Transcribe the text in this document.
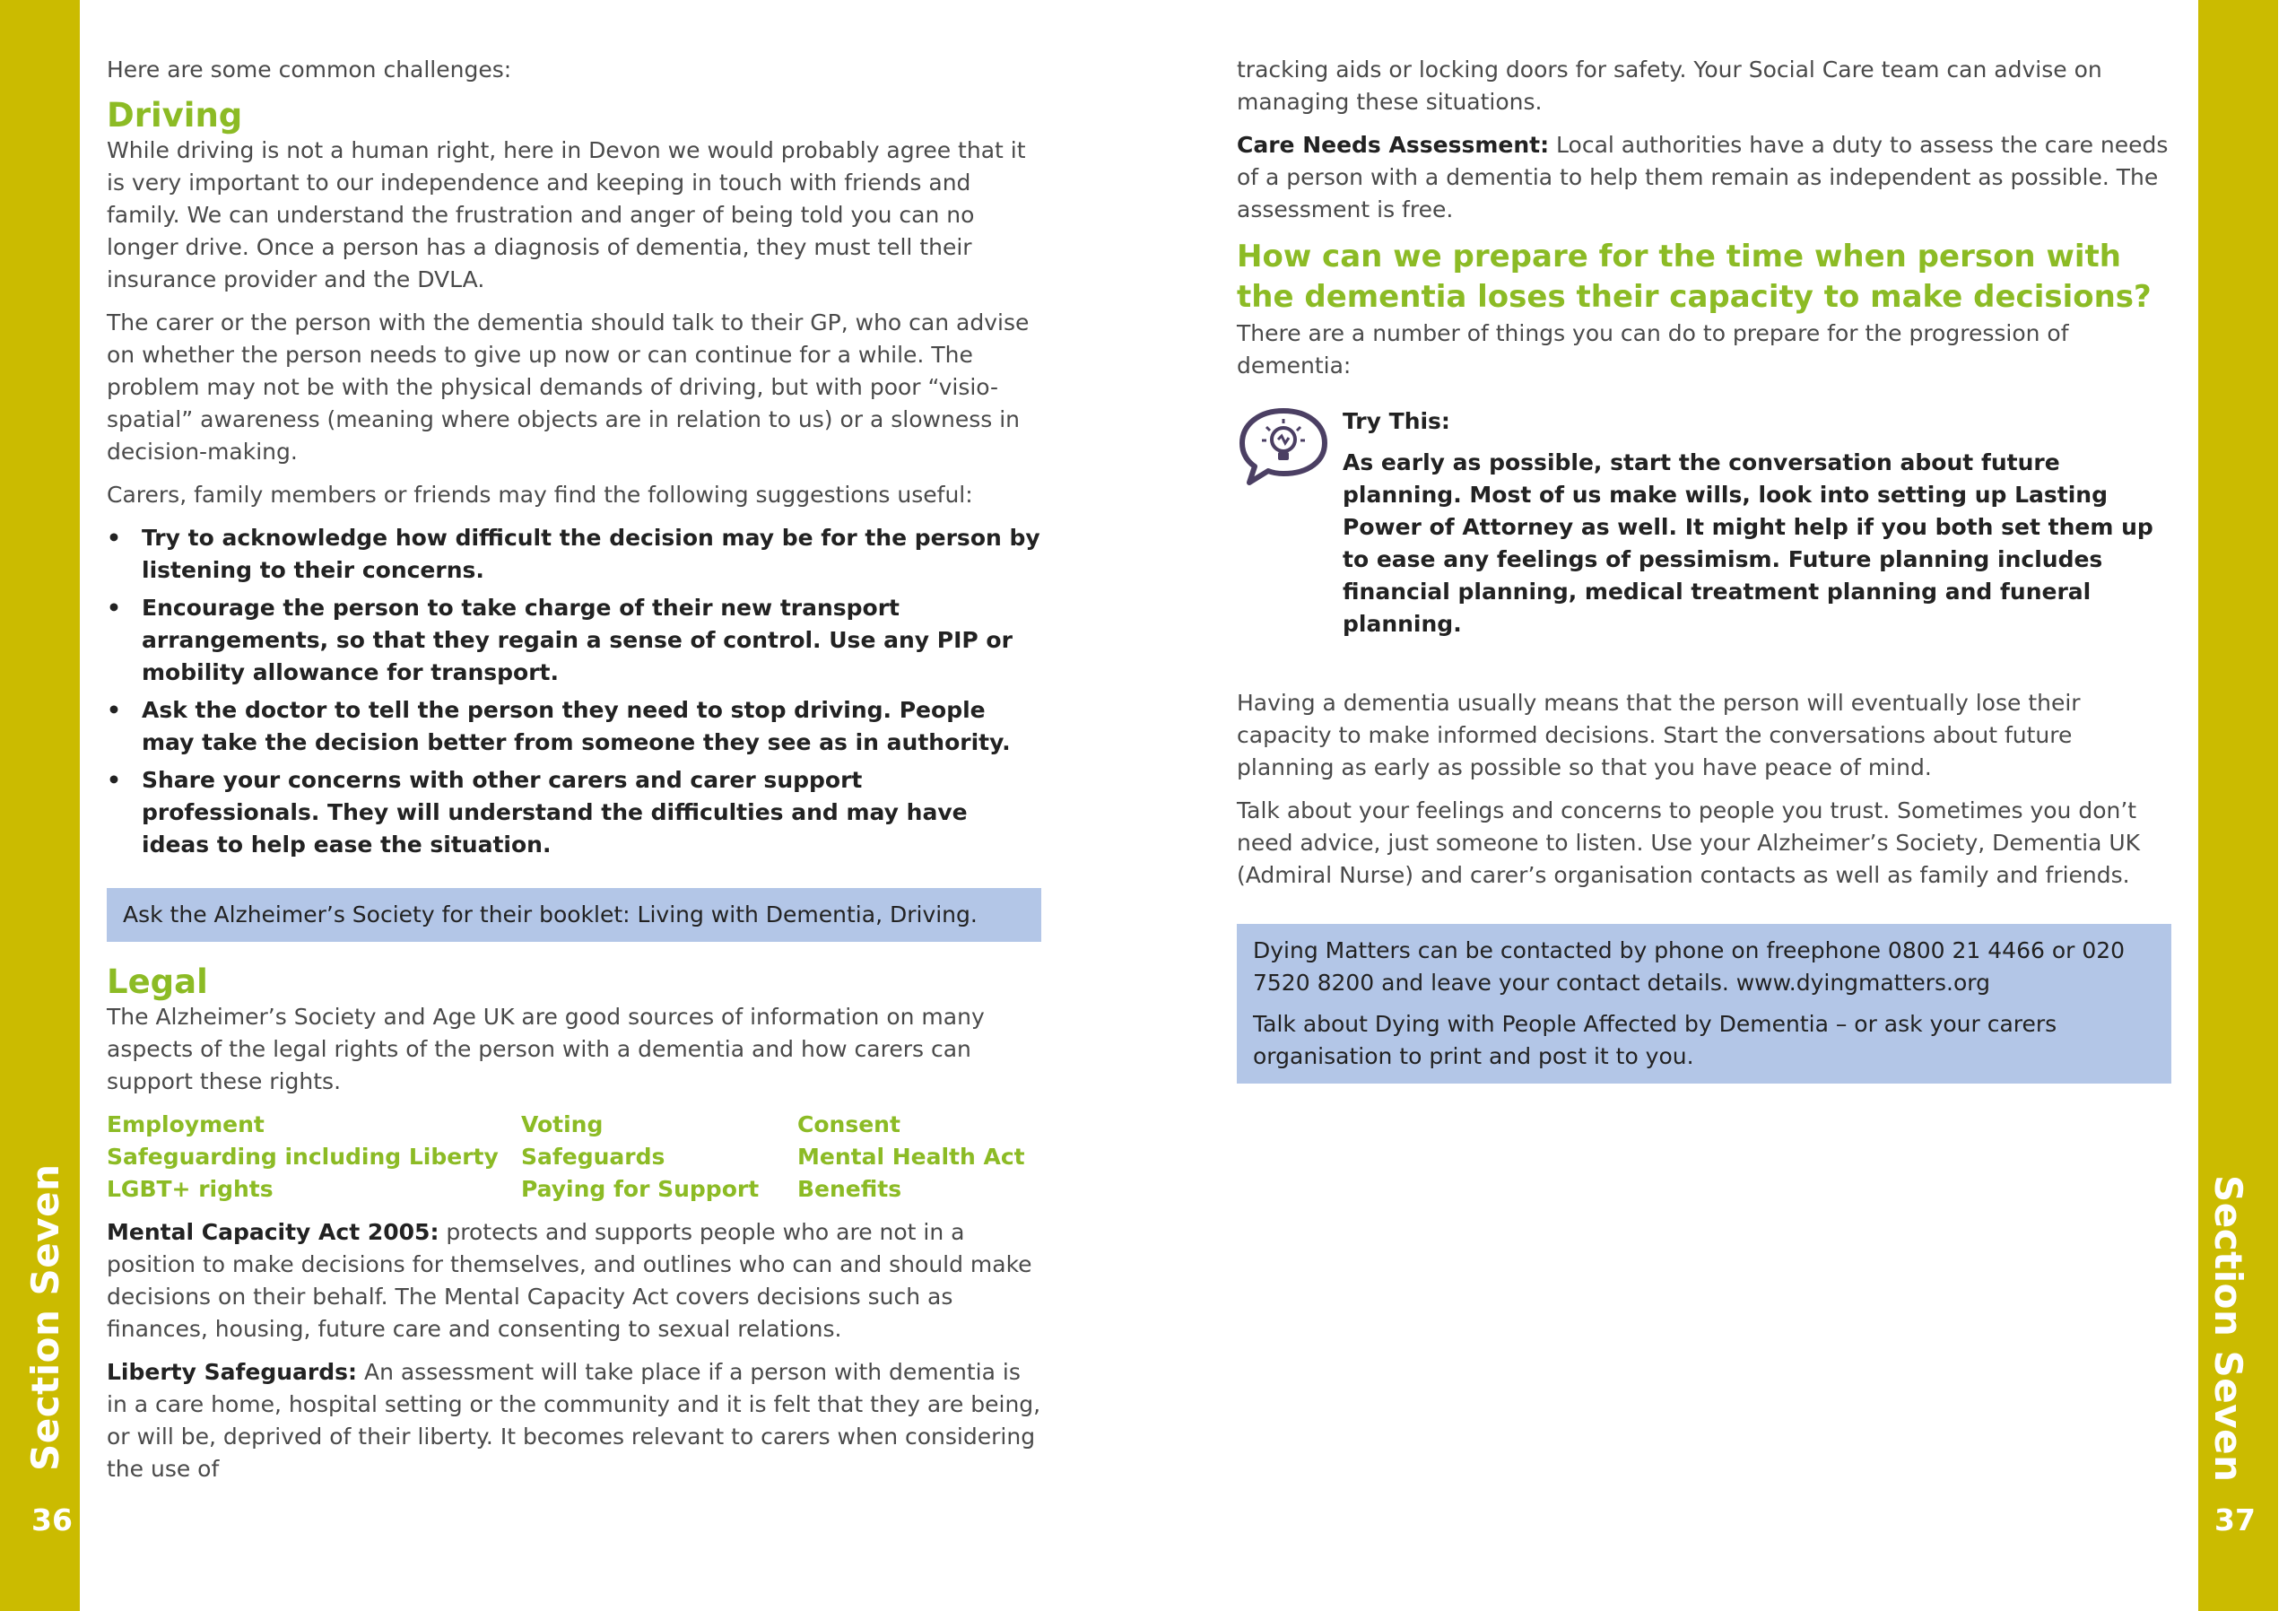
Section Seven
36
Section Seven
37

Here are some common challenges:

Driving

While driving is not a human right, here in Devon we would probably agree that it is very important to our independence and keeping in touch with friends and family. We can understand the frustration and anger of being told you can no longer drive. Once a person has a diagnosis of dementia, they must tell their insurance provider and the DVLA.

The carer or the person with the dementia should talk to their GP, who can advise on whether the person needs to give up now or can continue for a while. The problem may not be with the physical demands of driving, but with poor “visio-spatial” awareness (meaning where objects are in relation to us) or a slowness in decision-making.

Carers, family members or friends may find the following suggestions useful:

• Try to acknowledge how difficult the decision may be for the person by listening to their concerns.
• Encourage the person to take charge of their new transport arrangements, so that they regain a sense of control. Use any PIP or mobility allowance for transport.
• Ask the doctor to tell the person they need to stop driving. People may take the decision better from someone they see as in authority.
• Share your concerns with other carers and carer support professionals. They will understand the difficulties and may have ideas to help ease the situation.

Ask the Alzheimer’s Society for their booklet: Living with Dementia, Driving.

Legal

The Alzheimer’s Society and Age UK are good sources of information on many aspects of the legal rights of the person with a dementia and how carers can support these rights.

Employment	Voting	Consent
Safeguarding including Liberty	Safeguards	Mental Health Act
LGBT+ rights	Paying for Support	Benefits

Mental Capacity Act 2005: protects and supports people who are not in a position to make decisions for themselves, and outlines who can and should make decisions on their behalf. The Mental Capacity Act covers decisions such as finances, housing, future care and consenting to sexual relations.

Liberty Safeguards: An assessment will take place if a person with dementia is in a care home, hospital setting or the community and it is felt that they are being, or will be, deprived of their liberty. It becomes relevant to carers when considering the use of

tracking aids or locking doors for safety. Your Social Care team can advise on managing these situations.

Care Needs Assessment: Local authorities have a duty to assess the care needs of a person with a dementia to help them remain as independent as possible. The assessment is free.

How can we prepare for the time when person with the dementia loses their capacity to make decisions?

There are a number of things you can do to prepare for the progression of dementia:

Try This:
As early as possible, start the conversation about future planning. Most of us make wills, look into setting up Lasting Power of Attorney as well. It might help if you both set them up to ease any feelings of pessimism. Future planning includes financial planning, medical treatment planning and funeral planning.

Having a dementia usually means that the person will eventually lose their capacity to make informed decisions. Start the conversations about future planning as early as possible so that you have peace of mind.

Talk about your feelings and concerns to people you trust. Sometimes you don’t need advice, just someone to listen. Use your Alzheimer’s Society, Dementia UK (Admiral Nurse) and carer’s organisation contacts as well as family and friends.

Dying Matters can be contacted by phone on freephone 0800 21 4466 or 020 7520 8200 and leave your contact details. www.dyingmatters.org

Talk about Dying with People Affected by Dementia – or ask your carers organisation to print and post it to you.
